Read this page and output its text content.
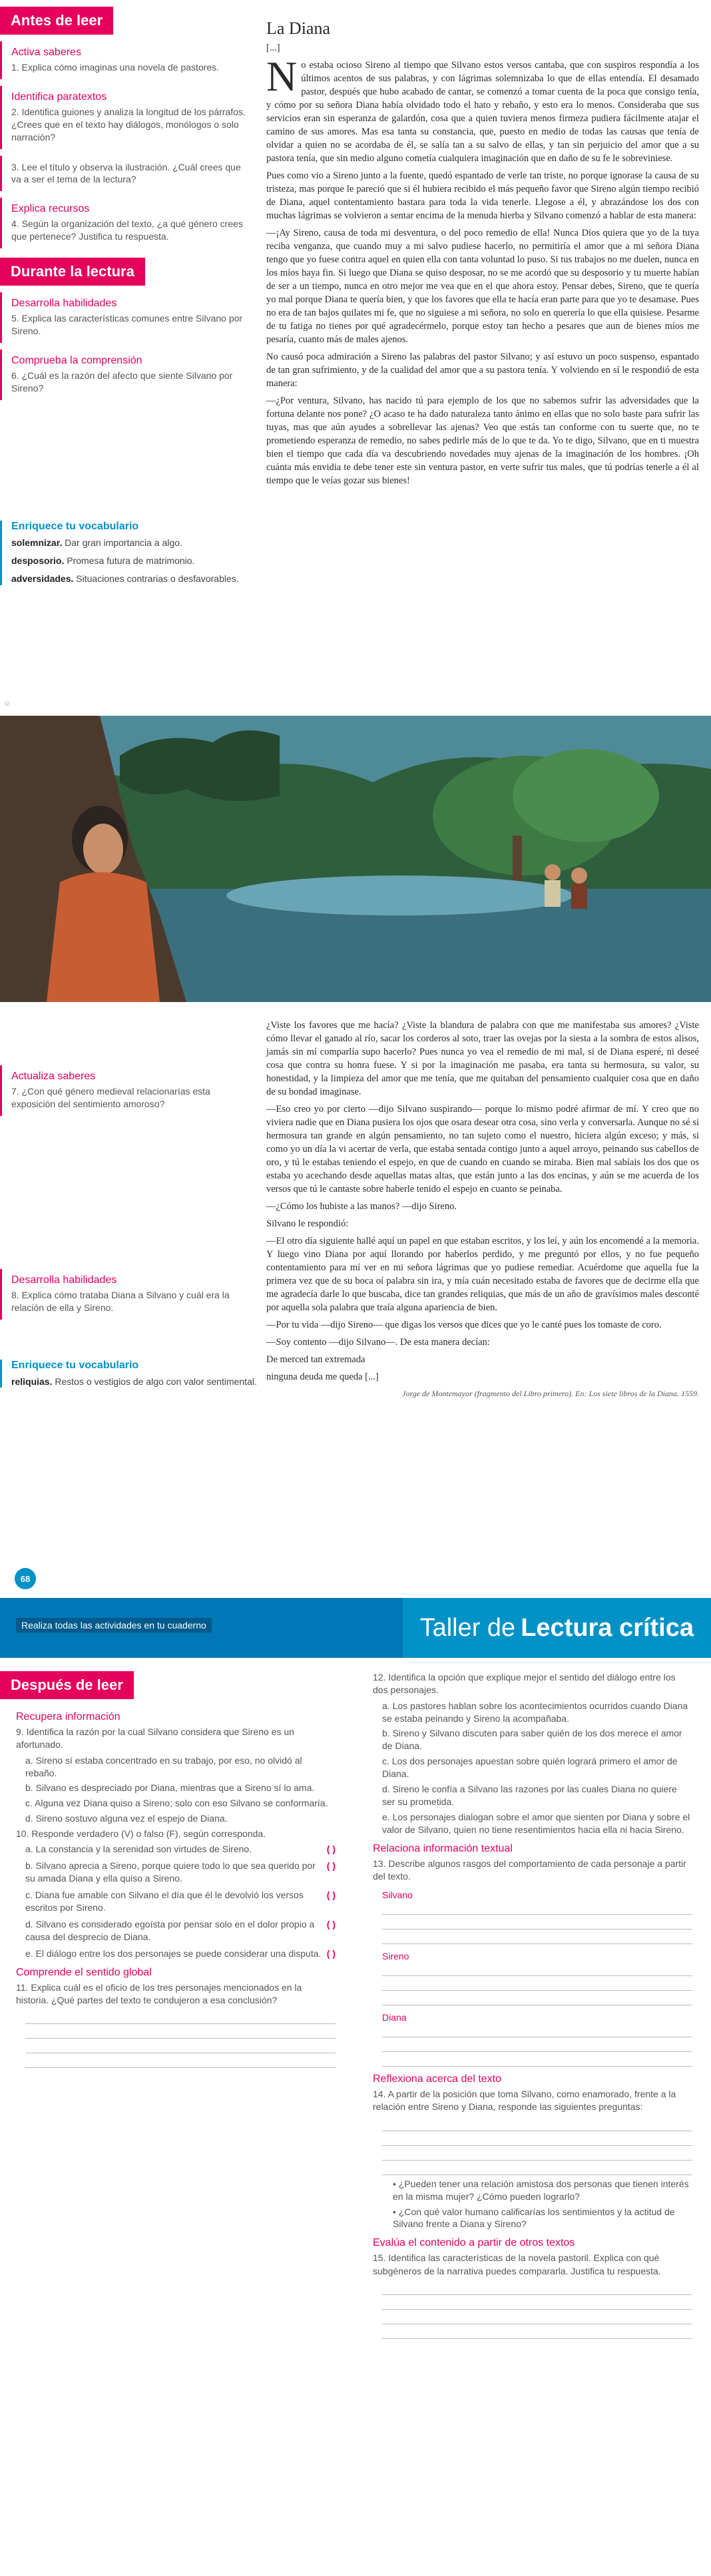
Antes de leer
Activa saberes
1. Explica cómo imaginas una novela de pastores.
Identifica paratextos
2. Identifica guiones y analiza la longitud de los párrafos. ¿Crees que en el texto hay diálogos, monólogos o solo narración?
3. Lee el título y observa la ilustración. ¿Cuál crees que va a ser el tema de la lectura?
Explica recursos
4. Según la organización del texto, ¿a qué género crees que pertenece? Justifica tu respuesta.
Durante la lectura
Desarrolla habilidades
5. Explica las características comunes entre Silvano por Sireno.
Comprueba la comprensión
6. ¿Cuál es la razón del afecto que siente Silvano por Sireno?
Enriquece tu vocabulario
solemnizar. Dar gran importancia a algo.
desposorio. Promesa futura de matrimonio.
adversidades. Situaciones contrarias o desfavorables.
La Diana
[...]

No estaba ocioso Sireno al tiempo que Silvano estos versos cantaba, que con suspiros respondía a los últimos acentos de sus palabras, y con lágrimas solemnizaba lo que de ellas entendía. El desamado pastor, después que hubo acabado de cantar, se comenzó a tomar cuenta de la poca que consigo tenía, y cómo por su señora Diana había olvidado todo el hato y rebaño, y esto era lo menos. Consideraba que sus servicios eran sin esperanza de galardón, cosa que a quien tuviera menos firmeza pudiera fácilmente atajar el camino de sus amores. Mas esa tanta su constancia, que, puesto en medio de todas las causas que tenía de olvidar a quien no se acordaba de él, se salía tan a su salvo de ellas, y tan sin perjuicio del amor que a su pastora tenía, que sin medio alguno cometía cualquiera imaginación que en daño de su fe le sobreviniese.

Pues como vio a Sireno junto a la fuente, quedó espantado de verle tan triste, no porque ignorase la causa de su tristeza, mas porque le pareció que si él hubiera recibido el más pequeño favor que Sireno algún tiempo recibió de Diana, aquel contentamiento bastara para toda la vida tenerle. Llegose a él, y abrazándose los dos con muchas lágrimas se volvieron a sentar encima de la menuda hierba y Silvano comenzó a hablar de esta manera:

—¡Ay Sireno, causa de toda mi desventura, o del poco remedio de ella! Nunca Dios quiera que yo de la tuya reciba venganza, que cuando muy a mi salvo pudiese hacerlo, no permitiría el amor que a mi señora Diana tengo que yo fuese contra aquel en quien ella con tanta voluntad lo puso. Si tus trabajos no me duelen, nunca en los míos haya fin. Si luego que Diana se quiso desposar, no se me acordó que su desposorio y tu muerte habían de ser a un tiempo, nunca en otro mejor me vea que en el que ahora estoy. Pensar debes, Sireno, que te quería yo mal porque Diana te quería bien, y que los favores que ella te hacía eran parte para que yo te desamase. Pues no era de tan bajos quilates mi fe, que no siguiese a mi señora, no solo en querería lo que ella quisiese. Pesarme de tu fatiga no tienes por qué agradecérmelo, porque estoy tan hecho a pesares que aun de bienes míos me pesaría, cuanto más de males ajenos.

No causó poca admiración a Sireno las palabras del pastor Silvano; y así estuvo un poco suspenso, espantado de tan gran sufrimiento, y de la cualidad del amor que a su pastora tenía. Y volviendo en sí le respondió de esta manera:

—¿Por ventura, Silvano, has nacido tú para ejemplo de los que no sabemos sufrir las adversidades que la fortuna delante nos pone? ¿O acaso te ha dado naturaleza tanto ánimo en ellas que no solo baste para sufrir las tuyas, mas que aún ayudes a sobrellevar las ajenas? Veo que estás tan conforme con tu suerte que, no te prometiendo esperanza de remedio, no sabes pedirle más de lo que te da. Yo te digo, Silvano, que en ti muestra bien el tiempo que cada día va descubriendo novedades muy ajenas de la imaginación de los hombres. ¡Oh cuánta más envidia te debe tener este sin ventura pastor, en verte sufrir tus males, que tú podrías tenerle a él al tiempo que le veías gozar sus bienes!

Actualiza saberes
7. ¿Con qué género medieval relacionarías esta exposición del sentimiento amoroso?
Desarrolla habilidades
8. Explica cómo trataba Diana a Silvano y cuál era la relación de ella y Sireno.
Enriquece tu vocabulario
reliquias. Restos o vestigios de algo con valor sentimental.

¿Viste los favores que me hacía? ¿Viste la blandura de palabra con que me manifestaba sus amores? ¿Viste cómo llevar el ganado al río, sacar los corderos al soto, traer las ovejas por la siesta a la sombra de estos alisos, jamás sin mí comparlía supo hacerlo? Pues nunca yo vea el remedio de mi mal, si de Diana esperé, ni deseé cosa que contra su honra fuese. Y si por la imaginación me pasaba, era tanta su hermosura, su valor, su honestidad, y la limpieza del amor que me tenía, que me quitaban del pensamiento cualquier cosa que en daño de su bondad imaginase.

—Eso creo yo por cierto —dijo Silvano suspirando— porque lo mismo podré afirmar de mí. Y creo que no viviera nadie que en Diana pusiera los ojos que osara desear otra cosa, sino verla y conversarla. Aunque no sé si hermosura tan grande en algún pensamiento, no tan sujeto como el nuestro, hiciera algún exceso; y más, si como yo un día la vi acertar de verla, que estaba sentada contigo junto a aquel arroyo, peinando sus cabellos de oro, y tú le estabas teniendo el espejo, en que de cuando en cuando se miraba. Bien mal sabíais los dos que os estaba yo acechando desde aquellas matas altas, que están junto a las dos encinas, y aún se me acuerda de los versos que tú le cantaste sobre haberle tenido el espejo en cuanto se peinaba.

—¿Cómo los hubiste a las manos? —dijo Sireno.

Silvano le respondió:

—El otro día siguiente hallé aquí un papel en que estaban escritos, y los leí, y aún los encomendé a la memoria. Y luego vino Diana por aquí llorando por haberlos perdido, y me preguntó por ellos, y no fue pequeño contentamiento para mí ver en mi señora lágrimas que yo pudiese remediar. Acuérdome que aquella fue la primera vez que de su boca oí palabra sin ira, y mía cuán necesitado estaba de favores que de decirme ella que me agradecía darle lo que buscaba, dice tan grandes reliquias, que más de un año de gravísimos males desconté por aquella sola palabra que traía alguna apariencia de bien.

—Por tu vida —dijo Sireno— que digas los versos que dices que yo le canté pues los tomaste de coro.

—Soy contento —dijo Silvano—. De esta manera decían:

De merced tan extremada

ninguna deuda me queda [...]

Jorge de Montemayor (fragmento del Libro primero). En: Los siete libros de la Diana. 1559.
68
©
Realiza todas las actividades en tu cuaderno	Taller de Lectura crítica
Después de leer
Recupera información
9. Identifica la razón por la cual Silvano considera que Sireno es un afortunado.
a. Sireno sí estaba concentrado en su trabajo, por eso, no olvidó al rebaño.
b. Silvano es despreciado por Diana, mientras que a Sireno sí lo ama.
c. Alguna vez Diana quiso a Sireno; solo con eso Silvano se conformaría.
d. Sireno sostuvo alguna vez el espejo de Diana.
10. Responde verdadero (V) o falso (F), según corresponda.
a. La constancia y la serenidad son virtudes de Sireno.	( )
b. Silvano aprecia a Sireno, porque quiere todo lo que sea querido por su amada Diana y ella quiso a Sireno.
( )
c. Diana fue amable con Silvano el día que él le devolvió los versos escritos por Sireno.
( )
d. Silvano es considerado egoísta por pensar solo en el dolor propio a causa del desprecio de Diana.
( )
e. El diálogo entre los dos personajes se puede considerar una disputa. ( )
Comprende el sentido global
11. Explica cuál es el oficio de los tres personajes mencionados en la historia. ¿Qué partes del texto te condujeron a esa conclusión?
12. Identifica la opción que explique mejor el sentido del diálogo entre los dos personajes.
a. Los pastores hablan sobre los acontecimientos ocurridos cuando Diana se estaba peinando y Sireno la acompañaba.
b. Sireno y Silvano discuten para saber quién de los dos merece el amor de Diana.
c. Los dos personajes apuestan sobre quién logrará primero el amor de Diana.
d. Sireno le confía a Silvano las razones por las cuales Diana no quiere ser su prometida.
e. Los personajes dialogan sobre el amor que sienten por Diana y sobre el valor de Silvano, quien no tiene resentimientos hacia ella ni hacia Sireno.
Relaciona información textual
13. Describe algunos rasgos del comportamiento de cada personaje a partir del texto.
Silvano
Sireno
Diana
Reflexiona acerca del texto
14. A partir de la posición que toma Silvano, como enamorado, frente a la relación entre Sireno y Diana, responde las siguientes preguntas:
• ¿Pueden tener una relación amistosa dos personas que tienen interés en la misma mujer? ¿Cómo pueden lograrlo?
• ¿Con qué valor humano calificarías los sentimientos y la actitud de Silvano frente a Diana y Sireno?
Evalúa el contenido a partir de otros textos
15. Identifica las características de la novela pastoril. Explica con qué subgéneros de la narrativa puedes compararla. Justifica tu respuesta.
